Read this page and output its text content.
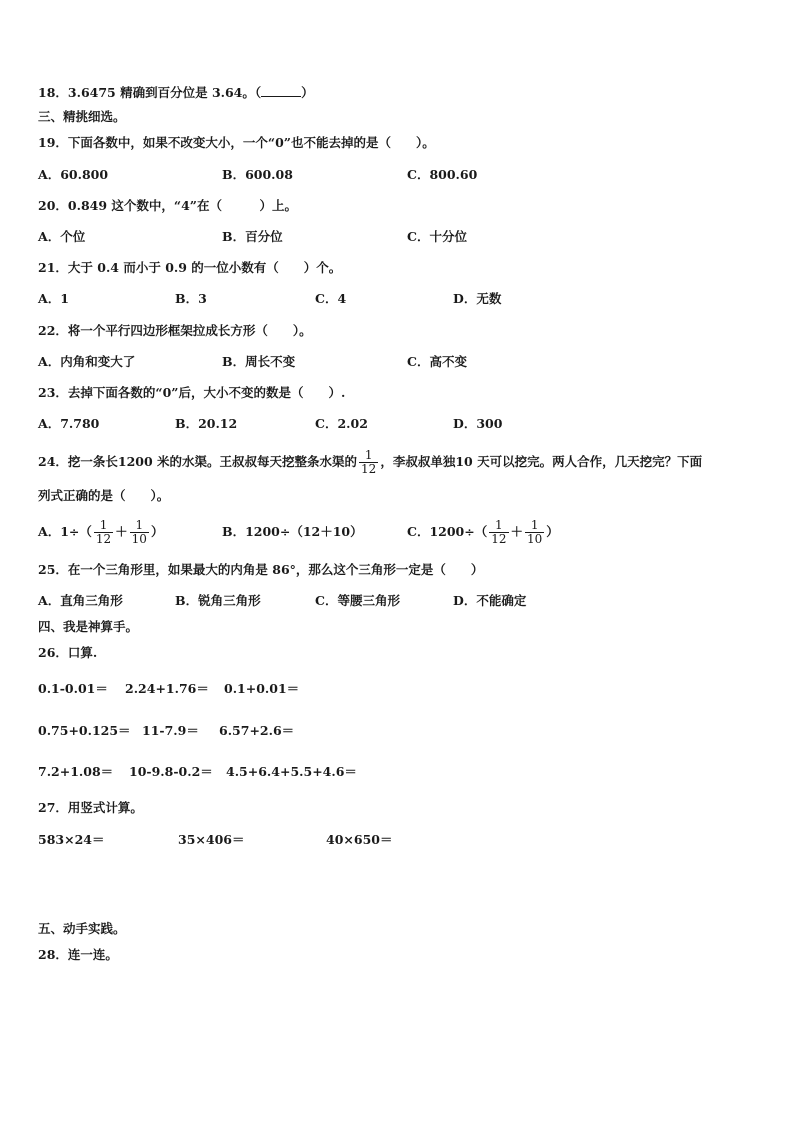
18．3.6475 精确到百分位是 3.64。（	）
三、精挑细选。
19．下面各数中，如果不改变大小，一个“0”也不能去掉的是（　　）。
A．60.800	B．600.08	C．800.60
20．0.849 这个数中，“4”在（　　　）上。
A．个位	B．百分位	C．十分位
21．大于 0.4 而小于 0.9 的一位小数有（　　）个。
A．1	B．3	C．4	D．无数
22．将一个平行四边形框架拉成长方形（　　）。
A．内角和变大了	B．周长不变	C．高不变
23．去掉下面各数的“0”后，大小不变的数是（　　）.
A．7.780	B．20.12	C．2.02	D．300
24．挖一条长1200 米的水渠。王叔叔每天挖整条水渠的 $\frac{1}{12}$ ，李叔叔单独10 天可以挖完。两人合作，几天挖完？下面
列式正确的是（　　）。
A．$1\div( \frac{1}{12} + \frac{1}{10}$ ）	B．1200÷（12＋10）	C．$1200\div( \frac{1}{12} + \frac{1}{10}$ ）
25．在一个三角形里，如果最大的内角是 86°，那么这个三角形一定是（　　）
A．直角三角形	B．锐角三角形	C．等腰三角形	D．不能确定
四、我是神算手。
26．口算.
0.1-0.01＝ 2.24+1.76＝ 0.1+0.01＝
0.75+0.125＝ 11-7.9＝ 6.57+2.6＝
7.2+1.08＝ 10-9.8-0.2＝ 4.5+6.4+5.5+4.6＝
27．用竖式计算。
583×24＝	35×406＝	40×650＝
五、动手实践。
28．连一连。
